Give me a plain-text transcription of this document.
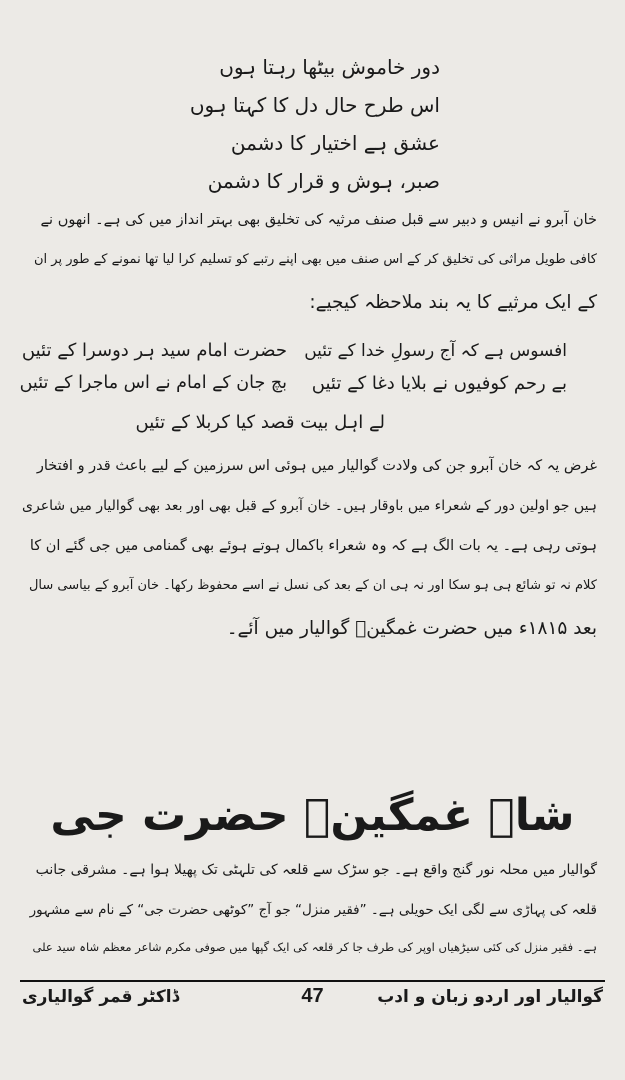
دور خاموش بیٹھا رہتا ہوں
اس طرح حال دل کا کہتا ہوں
عشق ہے اختیار کا دشمن
صبر، ہوش و قرار کا دشمن
خان آبرو نے انیس و دبیر سے قبل صنف مرثیہ کی تخلیق بھی بہتر انداز میں کی ہے۔ انھوں نے
کافی طویل مراثی کی تخلیق کر کے اس صنف میں بھی اپنے رتبے کو تسلیم کرا لیا تھا نمونے کے طور پر ان
کے ایک مرثیے کا یہ بند ملاحظہ کیجیے:
افسوس ہے کہ آج رسولِ خدا کے تئیں
حضرت امام سید ہر دوسرا کے تئیں
بے رحم کوفیوں نے بلایا دغا کے تئیں
بچ جان کے امام نے اس ماجرا کے تئیں
لے اہل بیت قصد کیا کربلا کے تئیں
غرض یہ کہ خان آبرو جن کی ولادت گوالیار میں ہوئی اس سرزمین کے لیے باعث قدر و افتخار
ہیں جو اولین دور کے شعراء میں باوقار ہیں۔ خان آبرو کے قبل بھی اور بعد بھی گوالیار میں شاعری
ہوتی رہی ہے۔ یہ بات الگ ہے کہ وہ شعراء باکمال ہوتے ہوئے بھی گمنامی میں جی گئے ان کا
کلام نہ تو شائع ہی ہو سکا اور نہ ہی ان کے بعد کی نسل نے اسے محفوظ رکھا۔ خان آبرو کے بیاسی سال
بعد ۱۸۱۵ء میں حضرت غمگینؔ گوالیار میں آئے۔
شاہ غمگینؔ حضرت جی
گوالیار میں محلہ نور گنج واقع ہے۔ جو سڑک سے قلعہ کی تلہٹی تک پھیلا ہوا ہے۔ مشرقی جانب
قلعہ کی پہاڑی سے لگی ایک حویلی ہے۔ ”فقیر منزل“ جو آج ”کوٹھی حضرت جی“ کے نام سے مشہور
ہے۔ فقیر منزل کی کئی سیڑھیاں اوپر کی طرف جا کر قلعہ کی ایک گپھا میں صوفی مکرم شاعر معظم شاہ سید علی
گوالیار اور اردو زبان و ادب
47
ڈاکٹر قمر گوالیاری
